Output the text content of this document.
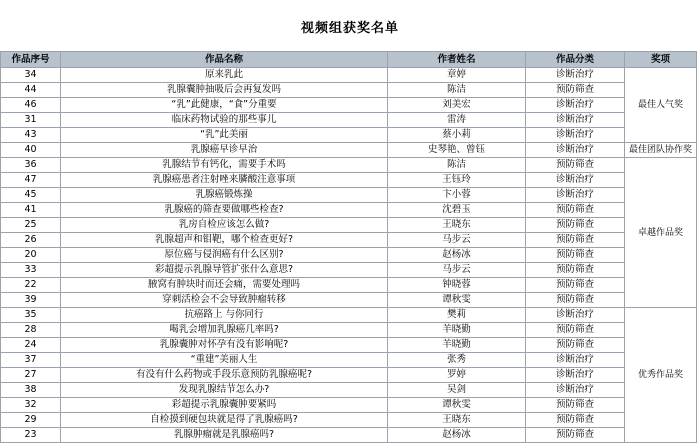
视频组获奖名单
作品序号	作品名称	作者姓名	作品分类	奖项
34	原来乳此	章婷	诊断治疗	最佳人气奖
44	乳腺囊肿抽吸后会再复发吗	陈洁	预防筛查	
46	“乳”此健康，“食”分重要	刘美宏	诊断治疗	
31	临床药物试验的那些事儿	雷涛	诊断治疗	
43	“乳”此美丽	蔡小莉	诊断治疗	
40	乳腺癌早诊早治	史琴艳、曾钰	诊断治疗	最佳团队协作奖
36	乳腺结节有钙化，需要手术吗	陈洁	预防筛查	卓越作品奖
47	乳腺癌患者注射唑来膦酸注意事项	王钰玲	诊断治疗	
45	乳腺癌锻炼操	卞小蓉	诊断治疗	
41	乳腺癌的筛查要做哪些检查?	沈碧玉	预防筛查	
25	乳房自检应该怎么做?	王晓东	预防筛查	
26	乳腺超声和钼靶，哪个检查更好?	马步云	预防筛查	
20	原位癌与侵润癌有什么区别?	赵杨冰	预防筛查	
33	彩超提示乳腺导管扩张什么意思?	马步云	预防筛查	
22	腋窝有肿块时而还会痛，需要处理吗	钟晓蓉	预防筛查	
39	穿刺活检会不会导致肿瘤转移	谭秋雯	预防筛查	
35	抗癌路上 与你同行	樊莉	诊断治疗	优秀作品奖
28	喝乳会增加乳腺癌几率吗?	羊晓勤	预防筛查	
24	乳腺囊肿对怀孕有没有影响呢?	羊晓勤	预防筛查	
37	“重建”美丽人生	张秀	诊断治疗	
27	有没有什么药物或手段乐意预防乳腺癌呢?	罗婷	诊断治疗	
38	发现乳腺结节怎么办?	吴剑	诊断治疗	
32	彩超提示乳腺囊肿要紧吗	谭秋雯	预防筛查	
29	自检摸到硬包块就是得了乳腺癌吗?	王晓东	预防筛查	
23	乳腺肿瘤就是乳腺癌吗?	赵杨冰	预防筛查	
